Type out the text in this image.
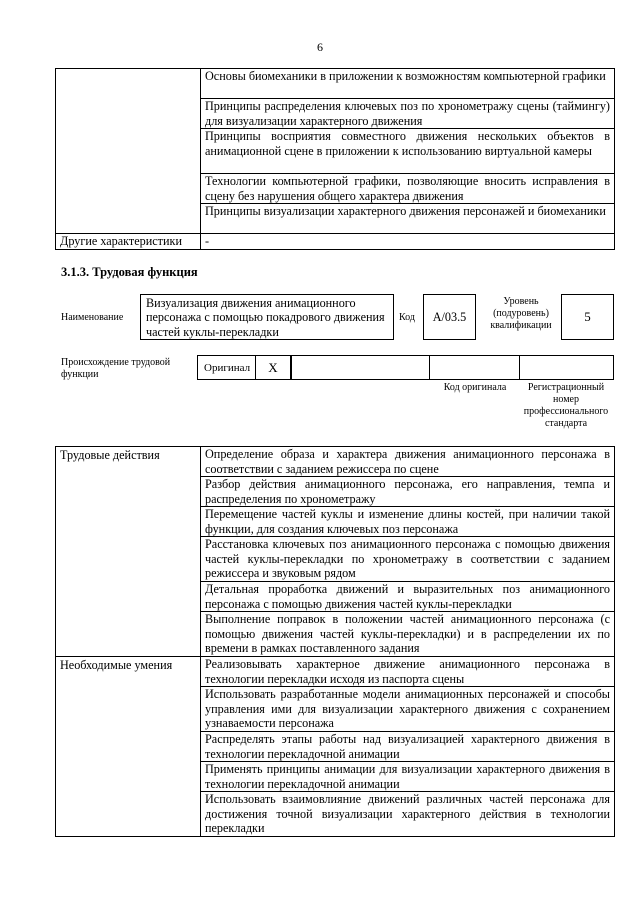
6
	Основы биомеханики в приложении к возможностям компьютерной графики
	Принципы распределения ключевых поз по хронометражу сцены (таймингу) для визуализации характерного движения
	Принципы восприятия совместного движения нескольких объектов в анимационной сцене в приложении к использованию виртуальной камеры
	Технологии компьютерной графики, позволяющие вносить исправления в сцену без нарушения общего характера движения
	Принципы визуализации характерного движения персонажей и биомеханики
Другие характеристики	-
3.1.3. Трудовая функция
Наименование
Визуализация движения анимационного персонажа с помощью покадрового движения частей куклы-перекладки
Код	A/03.5
Уровень (подуровень) квалификации
5
Происхождение трудовой функции
Оригинал	X
Код оригинала	Регистрационный номер профессионального стандарта
Трудовые действия	Определение образа и характера движения анимационного персонажа в соответствии с заданием режиссера по сцене
	Разбор действия анимационного персонажа, его направления, темпа и распределения по хронометражу
	Перемещение частей куклы и изменение длины костей, при наличии такой функции, для создания ключевых поз персонажа
	Расстановка ключевых поз анимационного персонажа с помощью движения частей куклы-перекладки по хронометражу в соответствии с заданием режиссера и звуковым рядом
	Детальная проработка движений и выразительных поз анимационного персонажа с помощью движения частей куклы-перекладки
	Выполнение поправок в положении частей анимационного персонажа (с помощью движения частей куклы-перекладки) и в распределении их по времени в рамках поставленного задания
Необходимые умения	Реализовывать характерное движение анимационного персонажа в технологии перекладки исходя из паспорта сцены
	Использовать разработанные модели анимационных персонажей и способы управления ими для визуализации характерного движения с сохранением узнаваемости персонажа
	Распределять этапы работы над визуализацией характерного движения в технологии перекладочной анимации
	Применять принципы анимации для визуализации характерного движения в технологии перекладочной анимации
	Использовать взаимовлияние движений различных частей персонажа для достижения точной визуализации характерного действия в технологии перекладки
